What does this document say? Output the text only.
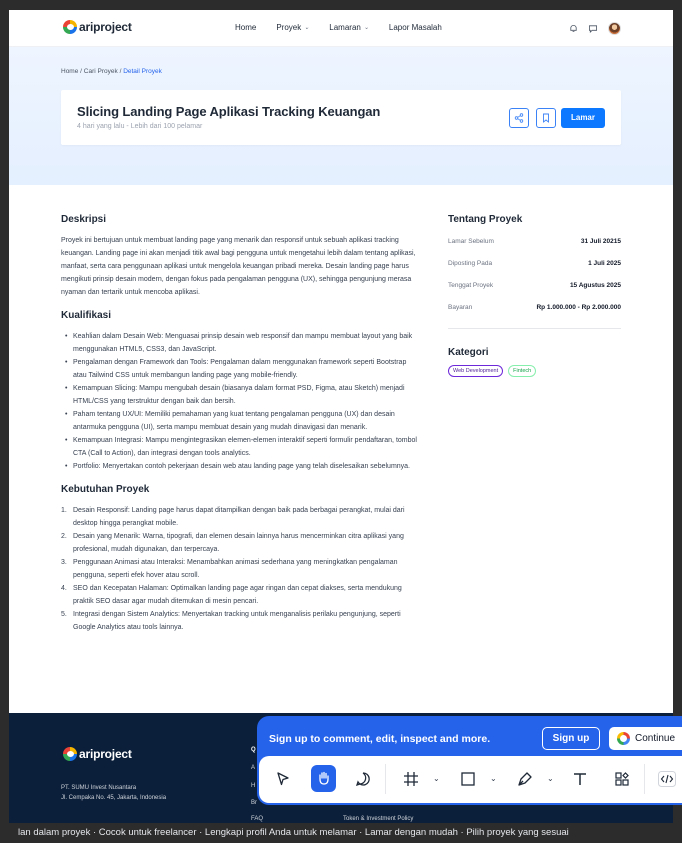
ariproject	Home	Proyek ⌄	Lamaran ⌄	Lapor Masalah
Home / Cari Proyek / Detail Proyek
Slicing Landing Page Aplikasi Tracking Keuangan
4 hari yang lalu - Lebih dari 100 pelamar
Lamar
Deskripsi

Proyek ini bertujuan untuk membuat landing page yang menarik dan responsif untuk sebuah aplikasi tracking keuangan. Landing page ini akan menjadi titik awal bagi pengguna untuk mengetahui lebih dalam tentang aplikasi, manfaat, serta cara penggunaan aplikasi untuk mengelola keuangan pribadi mereka. Desain landing page harus mengikuti prinsip desain modern, dengan fokus pada pengalaman pengguna (UX), sehingga pengunjung merasa nyaman dan tertarik untuk mencoba aplikasi.

Kualifikasi
• Keahlian dalam Desain Web: Menguasai prinsip desain web responsif dan mampu membuat layout yang baik menggunakan HTML5, CSS3, dan JavaScript.
• Pengalaman dengan Framework dan Tools: Pengalaman dalam menggunakan framework seperti Bootstrap atau Tailwind CSS untuk membangun landing page yang mobile-friendly.
• Kemampuan Slicing: Mampu mengubah desain (biasanya dalam format PSD, Figma, atau Sketch) menjadi HTML/CSS yang terstruktur dengan baik dan bersih.
• Paham tentang UX/UI: Memiliki pemahaman yang kuat tentang pengalaman pengguna (UX) dan desain antarmuka pengguna (UI), serta mampu membuat desain yang mudah dinavigasi dan menarik.
• Kemampuan Integrasi: Mampu mengintegrasikan elemen-elemen interaktif seperti formulir pendaftaran, tombol CTA (Call to Action), dan integrasi dengan tools analytics.
• Portfolio: Menyertakan contoh pekerjaan desain web atau landing page yang telah diselesaikan sebelumnya.
Kebutuhan Proyek
1. Desain Responsif: Landing page harus dapat ditampilkan dengan baik pada berbagai perangkat, mulai dari desktop hingga perangkat mobile.
2. Desain yang Menarik: Warna, tipografi, dan elemen desain lainnya harus mencerminkan citra aplikasi yang profesional, mudah digunakan, dan terpercaya.
3. Penggunaan Animasi atau Interaksi: Menambahkan animasi sederhana yang meningkatkan pengalaman pengguna, seperti efek hover atau scroll.
4. SEO dan Kecepatan Halaman: Optimalkan landing page agar ringan dan cepat diakses, serta mendukung praktik SEO dasar agar mudah ditemukan di mesin pencari.
5. Integrasi dengan Sistem Analytics: Menyertakan tracking untuk menganalisis perilaku pengunjung, seperti Google Analytics atau tools lainnya.
Tentang Proyek
Lamar Sebelum	31 Juli 20215
Diposting Pada	1 Juli 2025
Tenggat Proyek	15 Agustus 2025
Bayaran	Rp 1.000.000 - Rp 2.000.000
Kategori
Web Development	Fintech
ariproject
PT. SUMU Invest Nusantara
Jl. Cempaka No. 45, Jakarta, Indonesia
Q
A
H
Br
FAQ	Token & Investment Policy
Sign up to comment, edit, inspect and more.	Sign up	Continue
⌄	⌄	⌄
lan dalam proyek · Cocok untuk freelancer · Lengkapi profil Anda untuk melamar · Lamar dengan mudah · Pilih proyek yang sesuai
